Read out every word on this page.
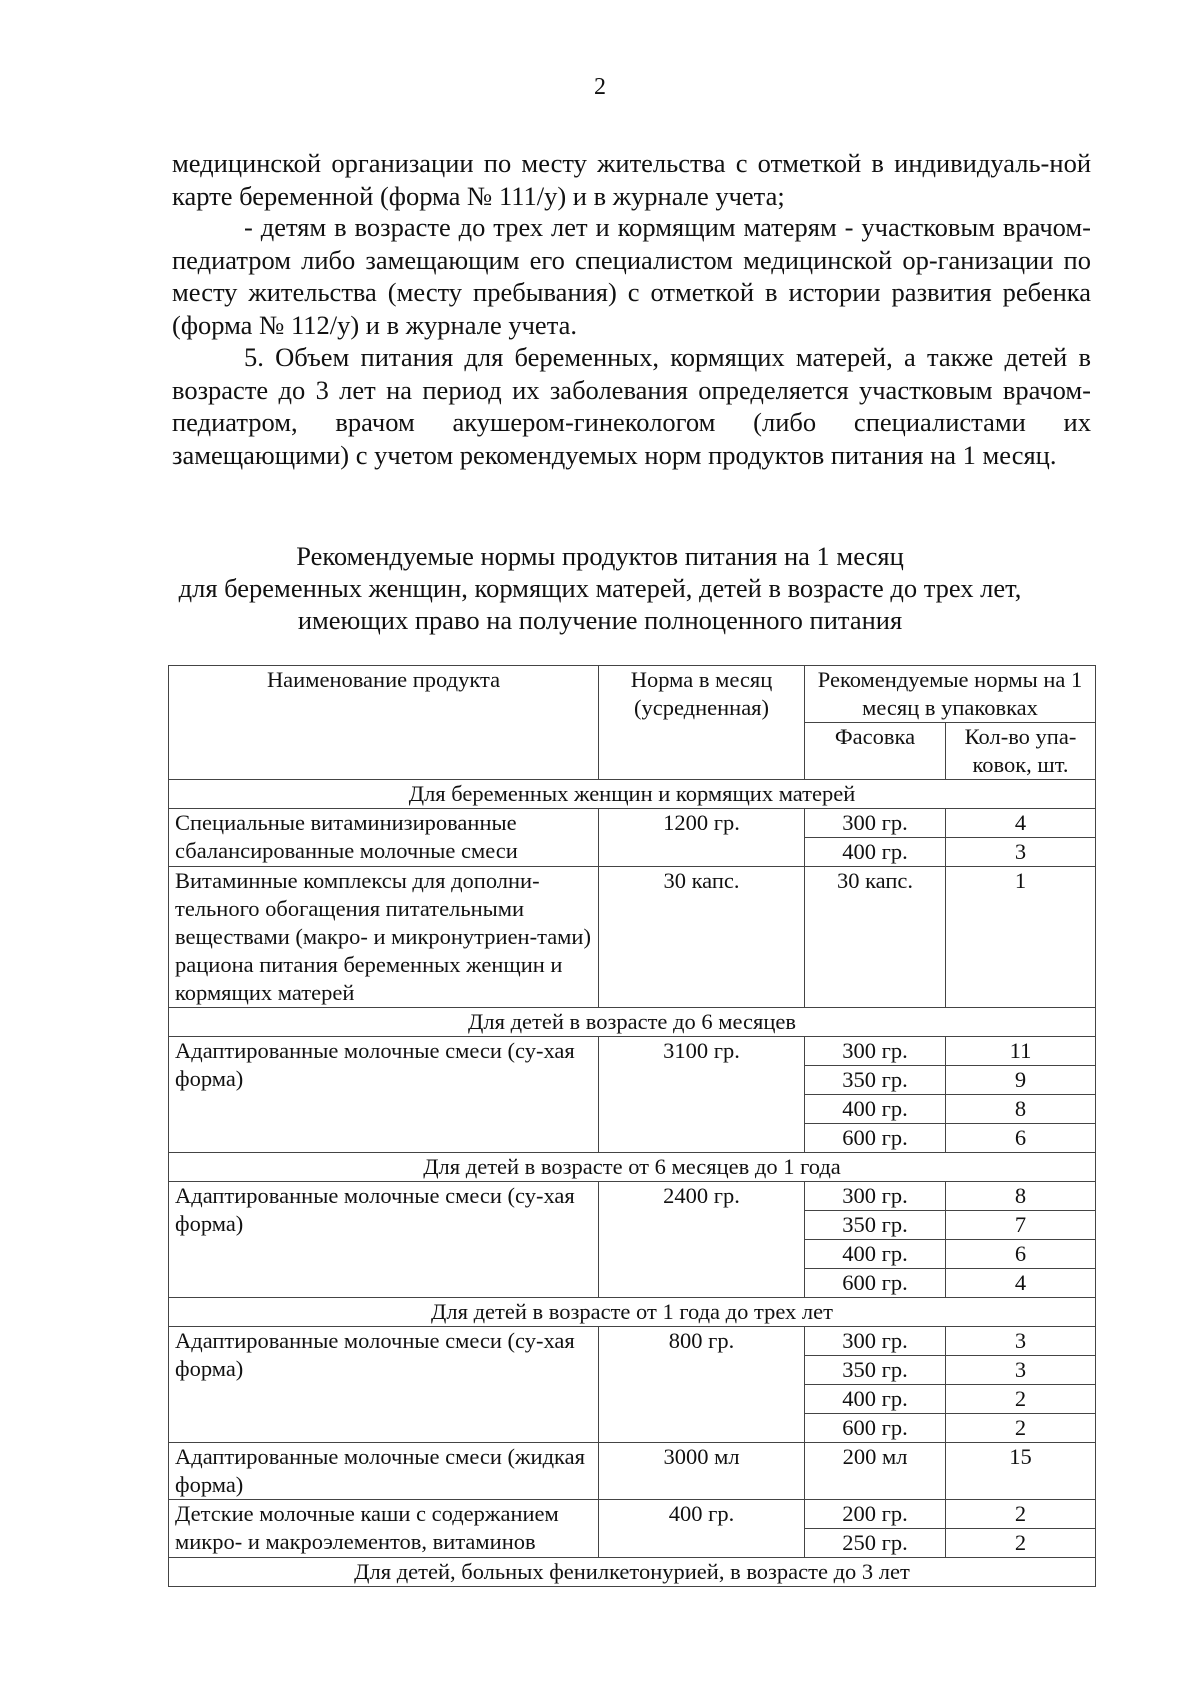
2
медицинской организации по месту жительства с отметкой в индивидуаль-ной карте беременной (форма № 111/у) и в журнале учета;
- детям в возрасте до трех лет и кормящим матерям - участковым врачом-педиатром либо замещающим его специалистом медицинской ор-ганизации по месту жительства (месту пребывания) с отметкой в истории развития ребенка (форма № 112/у) и в журнале учета.
5. Объем питания для беременных, кормящих матерей, а также детей в возрасте до 3 лет на период их заболевания определяется участковым врачом-педиатром, врачом акушером-гинекологом (либо специалистами их замещающими) с учетом рекомендуемых норм продуктов питания на 1 месяц.
Рекомендуемые нормы продуктов питания на 1 месяц
для беременных женщин, кормящих матерей, детей в возрасте до трех лет,
имеющих право на получение полноценного питания
Наименование продукта	Норма в месяц (усредненная)	Рекомендуемые нормы на 1 месяц в упаковках	
		Фасовка	Кол-во упа-ковок, шт.
Для беременных женщин и кормящих матерей			
Специальные витаминизированные сбалансированные молочные смеси	1200 гр.	300 гр.	4
		400 гр.	3
Витаминные комплексы для дополни-тельного обогащения питательными веществами (макро- и микронутриен-тами) рациона питания беременных женщин и кормящих матерей	30 капс.	30 капс.	1
Для детей в возрасте до 6 месяцев			
Адаптированные молочные смеси (су-хая форма)	3100 гр.	300 гр.	11
		350 гр.	9
		400 гр.	8
		600 гр.	6
Для детей в возрасте от 6 месяцев до 1 года			
Адаптированные молочные смеси (су-хая форма)	2400 гр.	300 гр.	8
		350 гр.	7
		400 гр.	6
		600 гр.	4
Для детей в возрасте от 1 года до трех лет			
Адаптированные молочные смеси (су-хая форма)	800 гр.	300 гр.	3
		350 гр.	3
		400 гр.	2
		600 гр.	2
Адаптированные молочные смеси (жидкая форма)	3000 мл	200 мл	15
Детские молочные каши с содержанием микро- и макроэлементов, витаминов	400 гр.	200 гр.	2
		250 гр.	2
Для детей, больных фенилкетонурией, в возрасте до 3 лет			
